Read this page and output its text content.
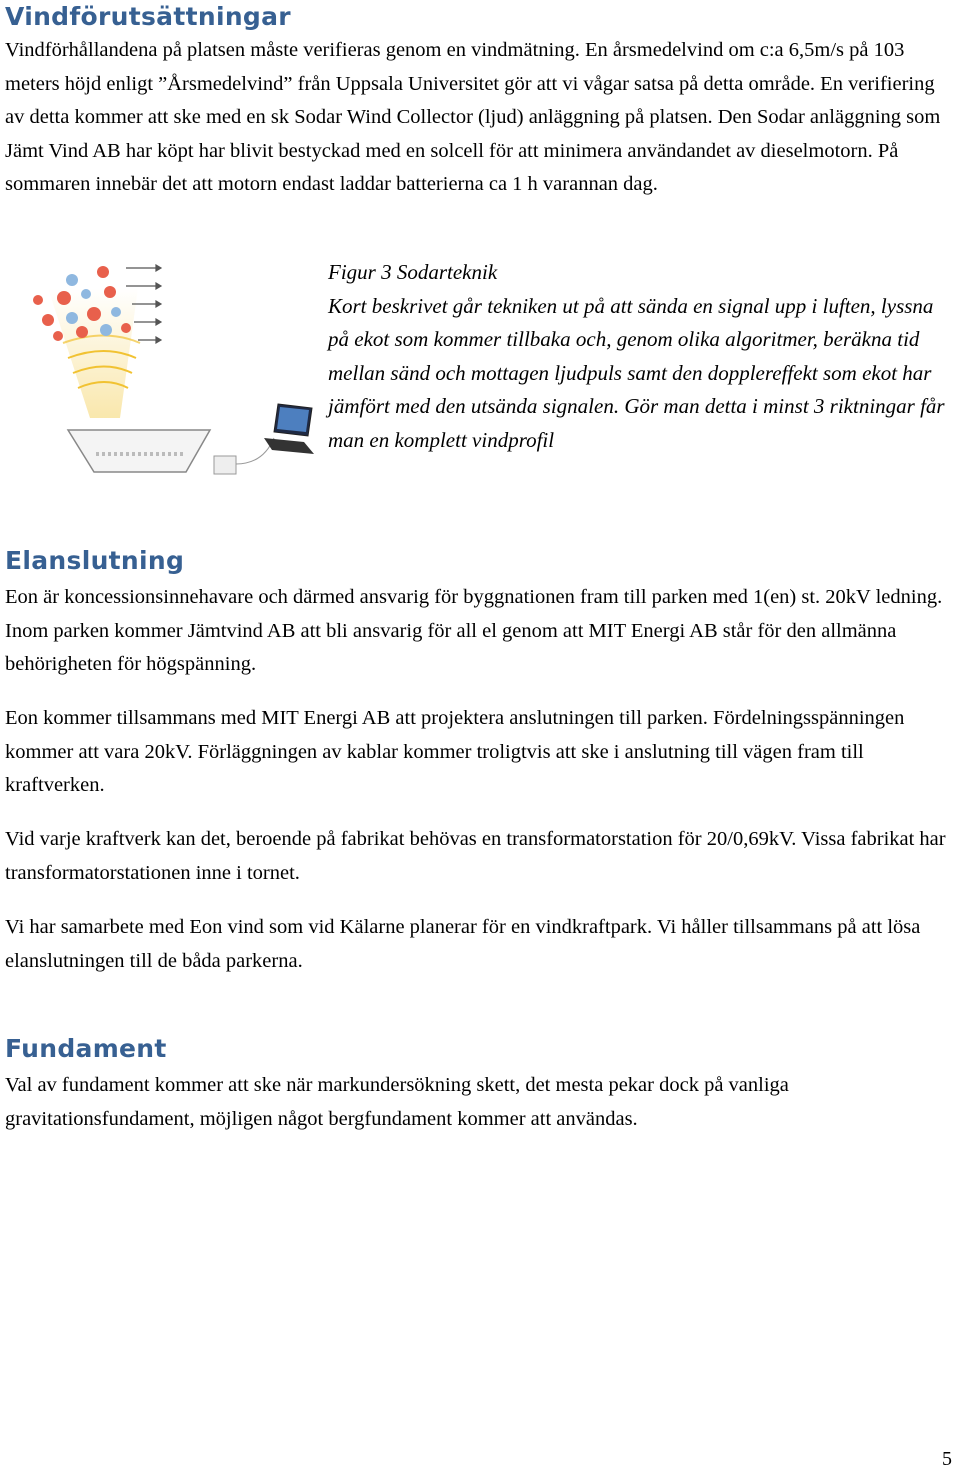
Vindförutsättningar

Vindförhållandena på platsen måste verifieras genom en vindmätning. En årsmedelvind om c:a 6,5m/s på 103 meters höjd enligt ”Årsmedelvind” från Uppsala Universitet gör att vi vågar satsa på detta område. En verifiering av detta kommer att ske med en sk Sodar Wind Collector (ljud) anläggning på platsen. Den Sodar anläggning som Jämt Vind AB har köpt har blivit bestyckad med en solcell för att minimera användandet av dieselmotorn. På sommaren innebär det att motorn endast laddar batterierna ca 1 h varannan dag.

Figur 3 Sodarteknik
Kort beskrivet går tekniken ut på att sända en signal upp i luften, lyssna på ekot som kommer tillbaka och, genom olika algoritmer, beräkna tid mellan sänd och mottagen ljudpuls samt den dopplereffekt som ekot har jämfört med den utsända signalen. Gör man detta i minst 3 riktningar får man en komplett vindprofil
Elanslutning

Eon är koncessionsinnehavare och därmed ansvarig för byggnationen fram till parken med 1(en) st. 20kV ledning. Inom parken kommer Jämtvind AB att bli ansvarig för all el genom att MIT Energi AB står för den allmänna behörigheten för högspänning.

Eon kommer tillsammans med MIT Energi AB att projektera anslutningen till parken. Fördelningsspänningen kommer att vara 20kV. Förläggningen av kablar kommer troligtvis att ske i anslutning till vägen fram till kraftverken.

Vid varje kraftverk kan det, beroende på fabrikat behövas en transformatorstation för 20/0,69kV. Vissa fabrikat har transformatorstationen inne i tornet.

Vi har samarbete med Eon vind som vid Kälarne planerar för en vindkraftpark. Vi håller tillsammans på att lösa elanslutningen till de båda parkerna.

Fundament

Val av fundament kommer att ske när markundersökning skett, det mesta pekar dock på vanliga gravitationsfundament, möjligen något bergfundament kommer att användas.

5
